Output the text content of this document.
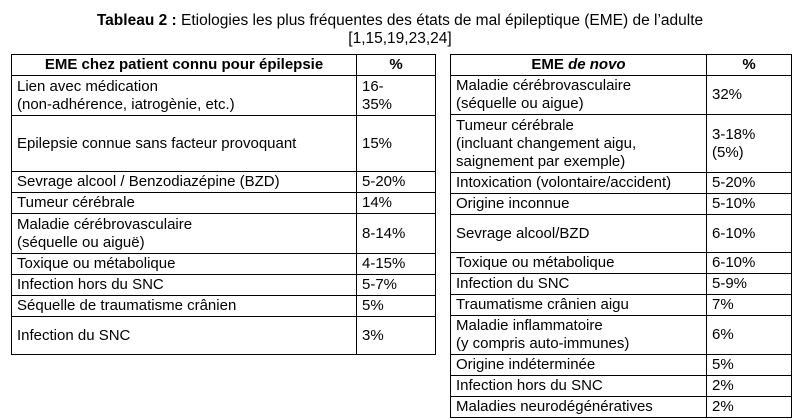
Tableau 2 : Etiologies les plus fréquentes des états de mal épileptique (EME) de l’adulte
[1,15,19,23,24]
EME chez patient connu pour épilepsie	%
Lien avec médication
(non-adhérence, iatrogènie, etc.)	16-
35%
Epilepsie connue sans facteur provoquant	15%
Sevrage alcool / Benzodiazépine (BZD)	5-20%
Tumeur cérébrale	14%
Maladie cérébrovasculaire
(séquelle ou aiguë)	8-14%
Toxique ou métabolique	4-15%
Infection hors du SNC	5-7%
Séquelle de traumatisme crânien	5%
Infection du SNC	3%
EME de novo	%
Maladie cérébrovasculaire
(séquelle ou aigue)	32%
Tumeur cérébrale
(incluant changement aigu,
saignement par exemple)	3-18%
(5%)
Intoxication (volontaire/accident)	5-20%
Origine inconnue	5-10%
Sevrage alcool/BZD	6-10%
Toxique ou métabolique	6-10%
Infection du SNC	5-9%
Traumatisme crânien aigu	7%
Maladie inflammatoire
(y compris auto-immunes)	6%
Origine indéterminée	5%
Infection hors du SNC	2%
Maladies neurodégénératives	2%
